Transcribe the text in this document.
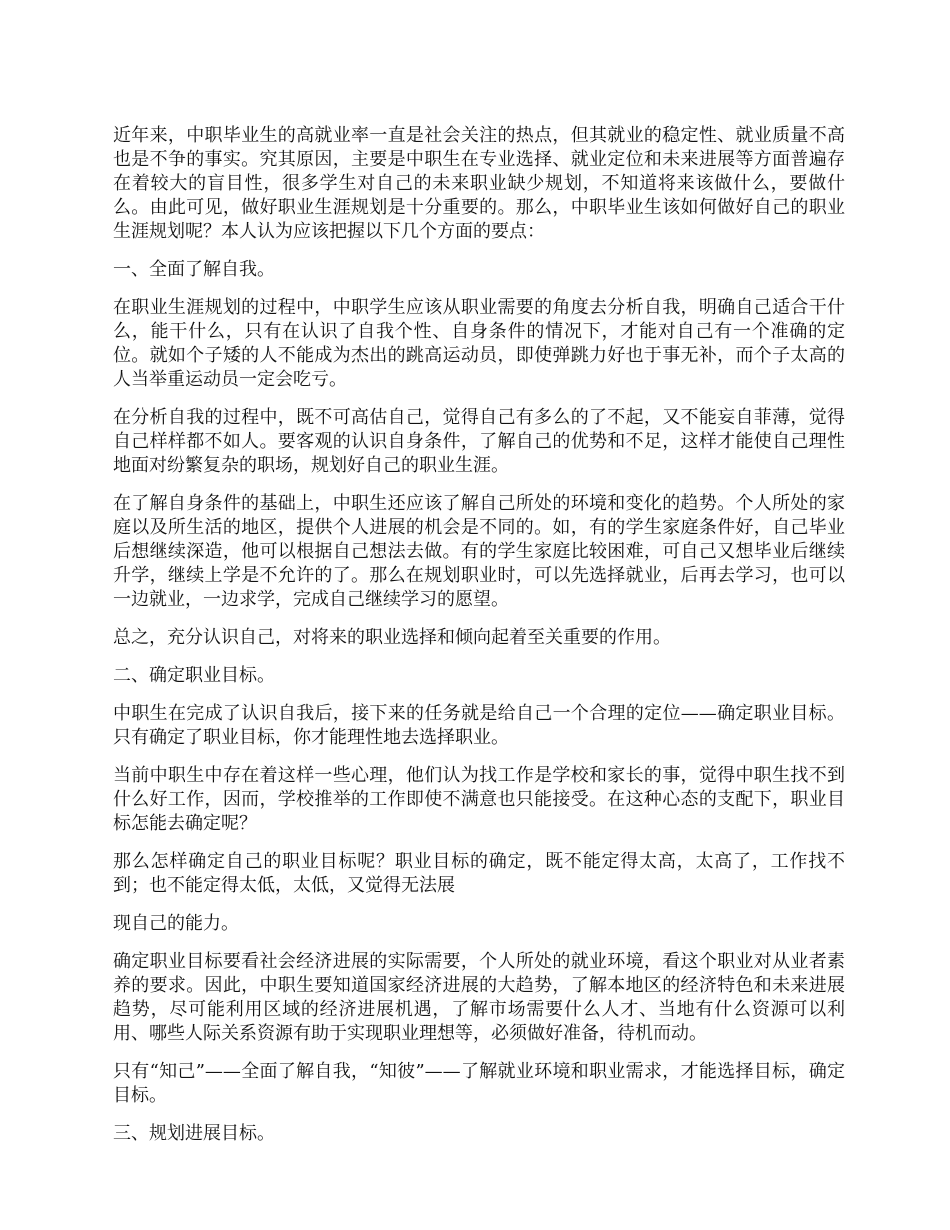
近年来，中职毕业生的高就业率一直是社会关注的热点，但其就业的稳定性、就业质量不高也是不争的事实。究其原因，主要是中职生在专业选择、就业定位和未来进展等方面普遍存在着较大的盲目性，很多学生对自己的未来职业缺少规划，不知道将来该做什么，要做什么。由此可见，做好职业生涯规划是十分重要的。那么，中职毕业生该如何做好自己的职业生涯规划呢？本人认为应该把握以下几个方面的要点：

一、全面了解自我。

在职业生涯规划的过程中，中职学生应该从职业需要的角度去分析自我，明确自己适合干什么，能干什么，只有在认识了自我个性、自身条件的情况下，才能对自己有一个准确的定位。就如个子矮的人不能成为杰出的跳高运动员，即使弹跳力好也于事无补，而个子太高的人当举重运动员一定会吃亏。

在分析自我的过程中，既不可高估自己，觉得自己有多么的了不起，又不能妄自菲薄，觉得自己样样都不如人。要客观的认识自身条件，了解自己的优势和不足，这样才能使自己理性地面对纷繁复杂的职场，规划好自己的职业生涯。

在了解自身条件的基础上，中职生还应该了解自己所处的环境和变化的趋势。个人所处的家庭以及所生活的地区，提供个人进展的机会是不同的。如，有的学生家庭条件好，自己毕业后想继续深造，他可以根据自己想法去做。有的学生家庭比较困难，可自己又想毕业后继续升学，继续上学是不允许的了。那么在规划职业时，可以先选择就业，后再去学习，也可以一边就业，一边求学，完成自己继续学习的愿望。

总之，充分认识自己，对将来的职业选择和倾向起着至关重要的作用。

二、确定职业目标。

中职生在完成了认识自我后，接下来的任务就是给自己一个合理的定位——确定职业目标。只有确定了职业目标，你才能理性地去选择职业。

当前中职生中存在着这样一些心理，他们认为找工作是学校和家长的事，觉得中职生找不到什么好工作，因而，学校推举的工作即使不满意也只能接受。在这种心态的支配下，职业目标怎能去确定呢？

那么怎样确定自己的职业目标呢？职业目标的确定，既不能定得太高，太高了，工作找不到；也不能定得太低，太低，又觉得无法展

现自己的能力。

确定职业目标要看社会经济进展的实际需要，个人所处的就业环境，看这个职业对从业者素养的要求。因此，中职生要知道国家经济进展的大趋势，了解本地区的经济特色和未来进展趋势，尽可能利用区域的经济进展机遇，了解市场需要什么人才、当地有什么资源可以利用、哪些人际关系资源有助于实现职业理想等，必须做好准备，待机而动。

只有“知己”——全面了解自我，“知彼”——了解就业环境和职业需求，才能选择目标，确定目标。

三、规划进展目标。
